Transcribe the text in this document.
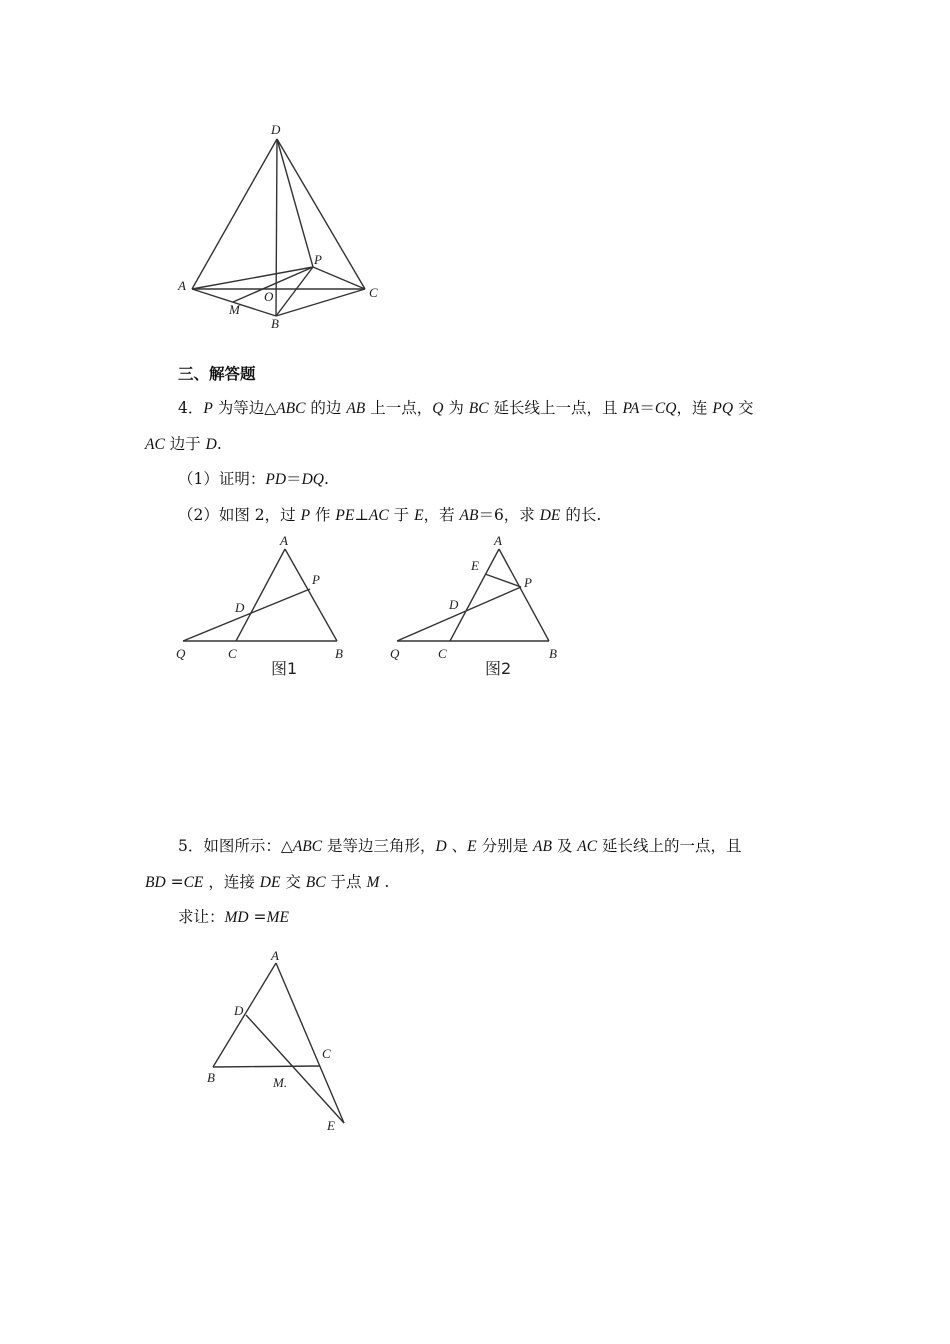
D
A
P
O	C
M
B
三、解答题
4．P 为等边△ABC 的边 AB 上一点，Q 为 BC 延长线上一点，且 PA＝CQ，连 PQ 交
AC 边于 D.
（1）证明：PD＝DQ.
（2）如图 2，过 P 作 PE⊥AC 于 E，若 AB＝6，求 DE 的长.
A
P
D
Q	C	B
图1
A
E
P
D
Q	C	B
图2
5．如图所示：△ABC 是等边三角形，D 、E 分别是 AB 及 AC 延长线上的一点，且
BD =CE ，连接 DE 交 BC 于点 M .
求让：MD =ME
A
D
C
B	M.
E
